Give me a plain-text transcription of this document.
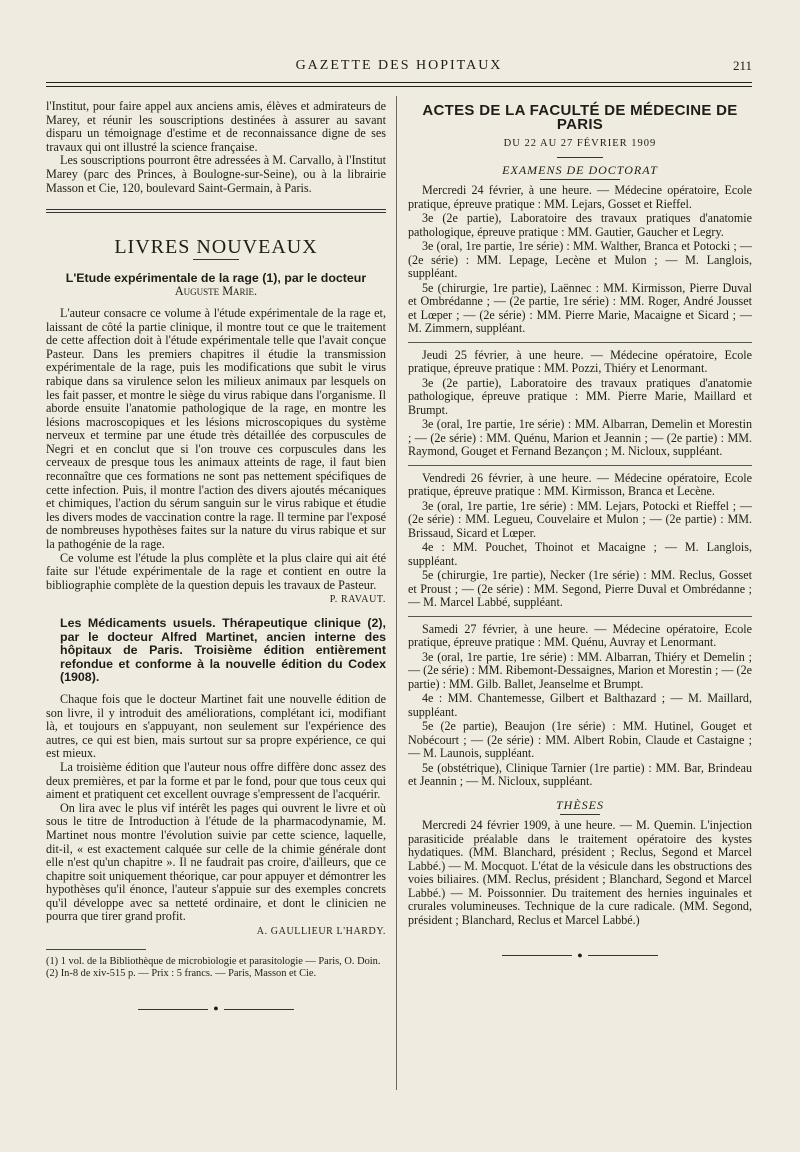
GAZETTE DES HOPITAUX	211

l'Institut, pour faire appel aux anciens amis, élèves et admirateurs de Marey, et réunir les souscriptions destinées à assurer au savant disparu un témoignage d'estime et de reconnaissance digne de ses travaux qui ont illustré la science française.

Les souscriptions pourront être adressées à M. Carvallo, à l'Institut Marey (parc des Princes, à Boulogne-sur-Seine), ou à la librairie Masson et Cie, 120, boulevard Saint-Germain, à Paris.

LIVRES NOUVEAUX

L'Etude expérimentale de la rage (1), par le docteur

Auguste Marie.

L'auteur consacre ce volume à l'étude expérimentale de la rage et, laissant de côté la partie clinique, il montre tout ce que le traitement de cette affection doit à l'étude expérimentale telle que l'avait conçue Pasteur. Dans les premiers chapitres il étudie la transmission expérimentale de la rage, puis les modifications que subit le virus rabique dans sa virulence selon les milieux animaux par lesquels on les fait passer, et montre le siège du virus rabique dans l'organisme. Il aborde ensuite l'anatomie pathologique de la rage, en montre les lésions macroscopiques et les lésions microscopiques du système nerveux et termine par une étude très détaillée des corpuscules de Negri et en conclut que si l'on trouve ces corpuscules dans les cerveaux de presque tous les animaux atteints de rage, il faut bien reconnaître que ces formations ne sont pas nettement spécifiques de cette infection. Puis, il montre l'action des divers ajoutés mécaniques et chimiques, l'action du sérum sanguin sur le virus rabique et étudie les divers modes de vaccination contre la rage. Il termine par l'exposé de nombreuses hypothèses faites sur la nature du virus rabique et sur la pathogénie de la rage.

Ce volume est l'étude la plus complète et la plus claire qui ait été faite sur l'étude expérimentale de la rage et contient en outre la bibliographie complète de la question depuis les travaux de Pasteur.

P. RAVAUT.

Les Médicaments usuels. Thérapeutique clinique (2), par le docteur Alfred Martinet, ancien interne des hôpitaux de Paris. Troisième édition entièrement refondue et conforme à la nouvelle édition du Codex (1908).

Chaque fois que le docteur Martinet fait une nouvelle édition de son livre, il y introduit des améliorations, complétant ici, modifiant là, et toujours en s'appuyant, non seulement sur l'expérience des autres, ce qui est bien, mais surtout sur sa propre expérience, ce qui est mieux.

La troisième édition que l'auteur nous offre diffère donc assez des deux premières, et par la forme et par le fond, pour que tous ceux qui aiment et pratiquent cet excellent ouvrage s'empressent de l'acquérir.

On lira avec le plus vif intérêt les pages qui ouvrent le livre et où sous le titre de Introduction à l'étude de la pharmacodynamie, M. Martinet nous montre l'évolution suivie par cette science, laquelle, dit-il, « est exactement calquée sur celle de la chimie générale dont elle n'est qu'un chapitre ». Il ne faudrait pas croire, d'ailleurs, que ce chapitre soit uniquement théorique, car pour appuyer et démontrer les hypothèses qu'il énonce, l'auteur s'appuie sur des exemples concrets qu'il développe avec sa netteté ordinaire, et dont le clinicien ne pourra que tirer grand profit.

A. GAULLIEUR L'HARDY.

(1) 1 vol. de la Bibliothèque de microbiologie et parasitologie — Paris, O. Doin.

(2) In-8 de xiv-515 p. — Prix : 5 francs. — Paris, Masson et Cie.

●
ACTES DE LA FACULTÉ DE MÉDECINE DE PARIS
DU 22 AU 27 FÉVRIER 1909
EXAMENS DE DOCTORAT

Mercredi 24 février, à une heure. — Médecine opératoire, Ecole pratique, épreuve pratique : MM. Lejars, Gosset et Rieffel.

3e (2e partie), Laboratoire des travaux pratiques d'anatomie pathologique, épreuve pratique : MM. Gautier, Gaucher et Legry.

3e (oral, 1re partie, 1re série) : MM. Walther, Branca et Potocki ; — (2e série) : MM. Lepage, Lecène et Mulon ; — M. Langlois, suppléant.

5e (chirurgie, 1re partie), Laënnec : MM. Kirmisson, Pierre Duval et Ombrédanne ; — (2e partie, 1re série) : MM. Roger, André Jousset et Lœper ; — (2e série) : MM. Pierre Marie, Macaigne et Sicard ; — M. Zimmern, suppléant.

Jeudi 25 février, à une heure. — Médecine opératoire, Ecole pratique, épreuve pratique : MM. Pozzi, Thiéry et Lenormant.

3e (2e partie), Laboratoire des travaux pratiques d'anatomie pathologique, épreuve pratique : MM. Pierre Marie, Maillard et Brumpt.

3e (oral, 1re partie, 1re série) : MM. Albarran, Demelin et Morestin ; — (2e série) : MM. Quénu, Marion et Jeannin ; — (2e partie) : MM. Raymond, Gouget et Fernand Bezançon ; M. Nicloux, suppléant.

Vendredi 26 février, à une heure. — Médecine opératoire, Ecole pratique, épreuve pratique : MM. Kirmisson, Branca et Lecène.

3e (oral, 1re partie, 1re série) : MM. Lejars, Potocki et Rieffel ; — (2e série) : MM. Legueu, Couvelaire et Mulon ; — (2e partie) : MM. Brissaud, Sicard et Lœper.

4e : MM. Pouchet, Thoinot et Macaigne ; — M. Langlois, suppléant.

5e (chirurgie, 1re partie), Necker (1re série) : MM. Reclus, Gosset et Proust ; — (2e série) : MM. Segond, Pierre Duval et Ombrédanne ; — M. Marcel Labbé, suppléant.

Samedi 27 février, à une heure. — Médecine opératoire, Ecole pratique, épreuve pratique : MM. Quénu, Auvray et Lenormant.

3e (oral, 1re partie, 1re série) : MM. Albarran, Thiéry et Demelin ; — (2e série) : MM. Ribemont-Dessaignes, Marion et Morestin ; — (2e partie) : MM. Gilb. Ballet, Jeanselme et Brumpt.

4e : MM. Chantemesse, Gilbert et Balthazard ; — M. Maillard, suppléant.

5e (2e partie), Beaujon (1re série) : MM. Hutinel, Gouget et Nobécourt ; — (2e série) : MM. Albert Robin, Claude et Castaigne ; — M. Launois, suppléant.

5e (obstétrique), Clinique Tarnier (1re partie) : MM. Bar, Brindeau et Jeannin ; — M. Nicloux, suppléant.

THÈSES

Mercredi 24 février 1909, à une heure. — M. Quemin. L'injection parasiticide préalable dans le traitement opératoire des kystes hydatiques. (MM. Blanchard, président ; Reclus, Segond et Marcel Labbé.) — M. Mocquot. L'état de la vésicule dans les obstructions des voies biliaires. (MM. Reclus, président ; Blanchard, Segond et Marcel Labbé.) — M. Poissonnier. Du traitement des hernies inguinales et crurales volumineuses. Technique de la cure radicale. (MM. Segond, président ; Blanchard, Reclus et Marcel Labbé.)

●
